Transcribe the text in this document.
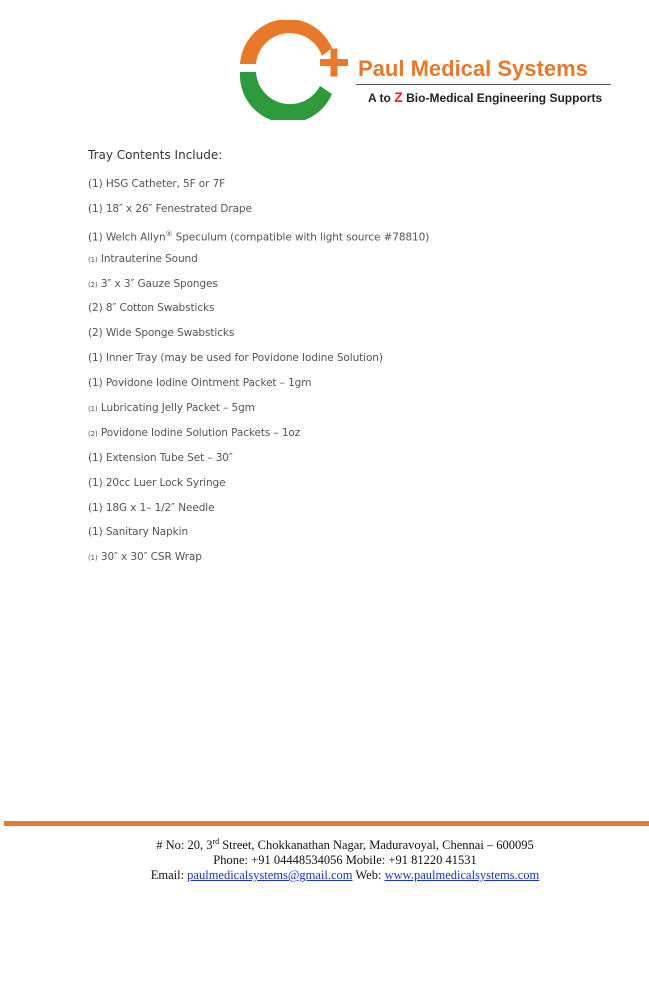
Paul Medical Systems
A to Z Bio-Medical Engineering Supports
Tray Contents Include:
(1) HSG Catheter, 5F or 7F
(1) 18″ x 26″ Fenestrated Drape
(1) Welch Allyn® Speculum (compatible with light source #78810)
(1) Intrauterine Sound
(2) 3″ x 3″ Gauze Sponges
(2) 8″ Cotton Swabsticks
(2) Wide Sponge Swabsticks
(1) Inner Tray (may be used for Povidone Iodine Solution)
(1) Povidone Iodine Ointment Packet – 1gm
(1) Lubricating Jelly Packet – 5gm
(2) Povidone Iodine Solution Packets – 1oz
(1) Extension Tube Set – 30″
(1) 20cc Luer Lock Syringe
(1) 18G x 1– 1/2″ Needle
(1) Sanitary Napkin
(1) 30″ x 30″ CSR Wrap
# No: 20, 3rd Street, Chokkanathan Nagar, Maduravoyal, Chennai – 600095
Phone: +91 04448534056 Mobile: +91 81220 41531
Email: paulmedicalsystems@gmail.com Web: www.paulmedicalsystems.com
